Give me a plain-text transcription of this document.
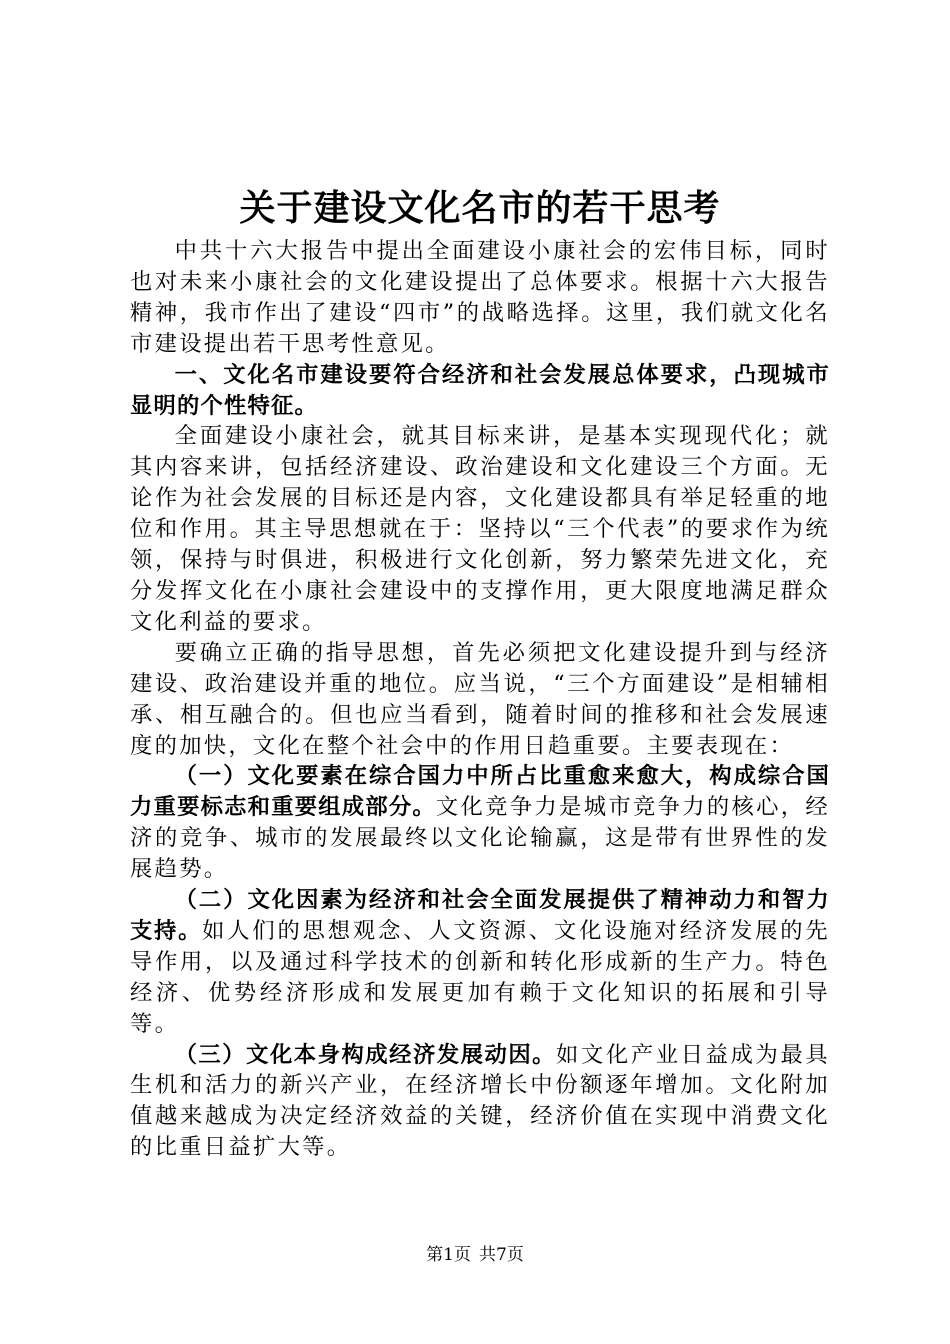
关于建设文化名市的若干思考

中共十六大报告中提出全面建设小康社会的宏伟目标，同时也对未来小康社会的文化建设提出了总体要求。根据十六大报告精神，我市作出了建设“四市”的战略选择。这里，我们就文化名市建设提出若干思考性意见。

一、文化名市建设要符合经济和社会发展总体要求，凸现城市显明的个性特征。

全面建设小康社会，就其目标来讲，是基本实现现代化；就其内容来讲，包括经济建设、政治建设和文化建设三个方面。无论作为社会发展的目标还是内容，文化建设都具有举足轻重的地位和作用。其主导思想就在于：坚持以“三个代表”的要求作为统领，保持与时俱进，积极进行文化创新，努力繁荣先进文化，充分发挥文化在小康社会建设中的支撑作用，更大限度地满足群众文化利益的要求。

要确立正确的指导思想，首先必须把文化建设提升到与经济建设、政治建设并重的地位。应当说，“三个方面建设”是相辅相承、相互融合的。但也应当看到，随着时间的推移和社会发展速度的加快，文化在整个社会中的作用日趋重要。主要表现在：

（一）文化要素在综合国力中所占比重愈来愈大，构成综合国力重要标志和重要组成部分。文化竞争力是城市竞争力的核心，经济的竞争、城市的发展最终以文化论输赢，这是带有世界性的发展趋势。

（二）文化因素为经济和社会全面发展提供了精神动力和智力支持。如人们的思想观念、人文资源、文化设施对经济发展的先导作用，以及通过科学技术的创新和转化形成新的生产力。特色经济、优势经济形成和发展更加有赖于文化知识的拓展和引导等。

（三）文化本身构成经济发展动因。如文化产业日益成为最具生机和活力的新兴产业，在经济增长中份额逐年增加。文化附加值越来越成为决定经济效益的关键，经济价值在实现中消费文化的比重日益扩大等。

第1页 共7页
